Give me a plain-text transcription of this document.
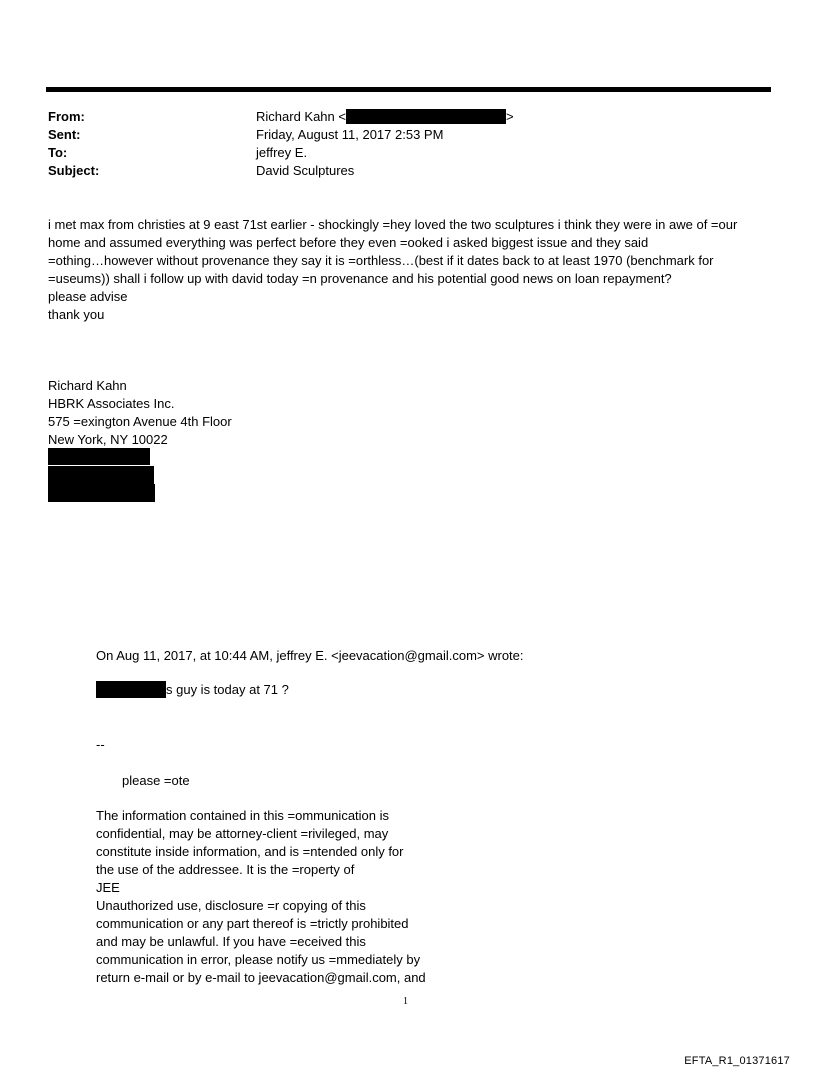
From:	Richard Kahn <	>
Sent:	Friday, August 11, 2017 2:53 PM
To:	jeffrey E.
Subject:	David Sculptures

i met max from christies at 9 east 71st earlier - shockingly =hey loved the two sculptures i think they were in awe of =our

home and assumed everything was perfect before they even =ooked i asked biggest issue and they said

=othing…however without provenance they say it is =orthless…(best if it dates back to at least 1970 (benchmark for

=useums)) shall i follow up with david today =n provenance and his potential good news on loan repayment?

please advise

thank you

Richard Kahn
HBRK Associates Inc.
575 =exington Avenue 4th Floor
New York, NY 10022
On Aug 11, 2017, at 10:44 AM, jeffrey E. <jeevacation@gmail.com> wrote:
s guy is today at 71 ?
--
please =ote
The information contained in this =ommunication is
confidential, may be attorney-client =rivileged, may
constitute inside information, and is =ntended only for
the use of the addressee. It is the =roperty of
JEE
Unauthorized use, disclosure =r copying of this
communication or any part thereof is =trictly prohibited
and may be unlawful. If you have =eceived this
communication in error, please notify us =mmediately by
return e-mail or by e-mail to jeevacation@gmail.com, and
1
EFTA_R1_01371617
